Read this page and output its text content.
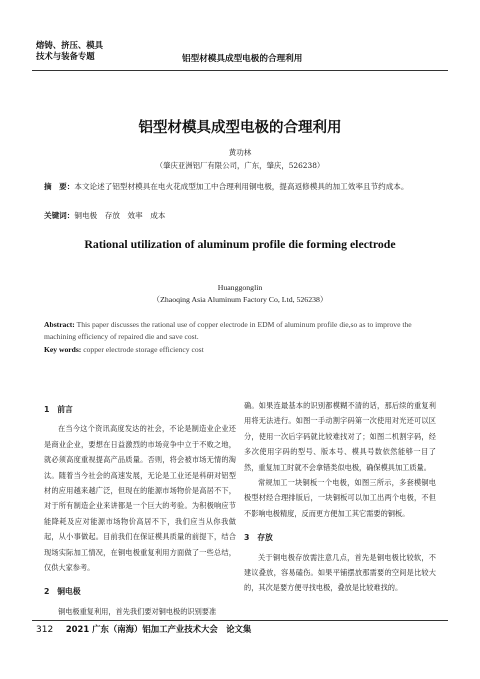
熔铸、挤压、模具
技术与装备专题	铝型材模具成型电极的合理利用
铝型材模具成型电极的合理利用
黄功林
（肇庆亚洲铝厂有限公司，广东，肇庆，526238）
摘　要：本文论述了铝型材模具在电火花成型加工中合理利用铜电极，提高返修模具的加工效率且节约成本。
关键词：铜电极　存放　效率　成本
Rational utilization of aluminum profile die forming electrode
Huanggonglin
（Zhaoqing Asia Aluminum Factory Co, Ltd, 526238）
Abstract: This paper discusses the rational use of copper electrode in EDM of aluminum profile die,so as to improve the machining efficiency of repaired die and save cost.
Key words: copper electrode storage efficiency cost
1　前言

在当今这个资讯高度发达的社会，不论是制造业企业还是商业企业，要想在日益激烈的市场竞争中立于不败之地，就必须高度重视提高产品质量。否则，将会被市场无情的淘汰。随着当今社会的高速发展，无论是工业还是科研对铝型材的应用越来越广泛，但现在的能源市场物价是高居不下，对于所有制造企业来讲都是一个巨大的考验。为积极响应节能降耗及应对能源市场物价高居不下，我们应当从你我做起，从小事做起。目前我们在保证模具质量的前提下，结合现场实际加工情况，在铜电极重复利用方面做了一些总结，仅供大家参考。

2　铜电极

铜电极重复利用，首先我们要对铜电极的识别要准

确。如果连最基本的识别都模糊不清的话，那后续的重复利用将无法进行。如图一手动割字码第一次使用对光还可以区分，使用一次后字码就比较难找对了；如图二机割字码，经多次使用字码的型号、版本号、模具号数依然能够一目了然，重复加工时就不会拿错类似电极，确保模具加工质量。

常规加工一块铜板一个电极，如图三所示，多套模铜电极型材经合理排版后，一块铜板可以加工出两个电极，不但不影响电极精度，反而更方便加工其它需要的铜板。

3　存放

关于铜电极存放需注意几点，首先是铜电极比较软，不建议叠放，容易磕伤。如果平铺摆放那需要的空间是比较大的，其次是要方便寻找电极，叠放是比较难找的。

312 2021 广东（南海）铝加工产业技术大会　论文集
